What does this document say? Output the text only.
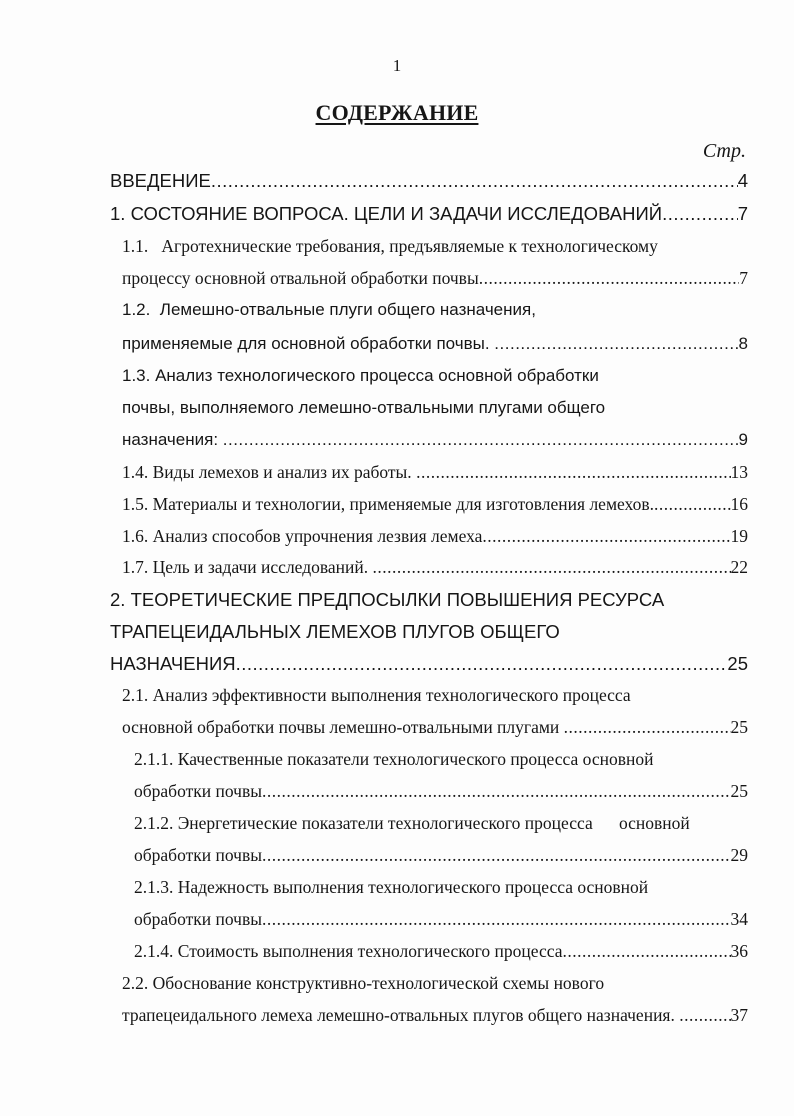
1
СОДЕРЖАНИЕ
Стр.
ВВЕДЕНИЕ .....	4
1. СОСТОЯНИЕ ВОПРОСА. ЦЕЛИ И ЗАДАЧИ ИССЛЕДОВАНИЙ .....	7
1.1.   Агротехнические требования, предъявляемые к технологическому
процессу основной отвальной обработки почвы .....	7
1.2.  Лемешно-отвальные плуги общего назначения,
применяемые для основной обработки почвы. .....	8
1.3. Анализ технологического процесса основной обработки
почвы, выполняемого лемешно-отвальными плугами общего
назначения: .....	9
1.4. Виды лемехов и анализ их работы. .....	13
1.5. Материалы и технологии, применяемые для изготовления лемехов. .....	16
1.6. Анализ способов упрочнения лезвия лемеха .....	19
1.7. Цель и задачи исследований. .....	22
2. ТЕОРЕТИЧЕСКИЕ ПРЕДПОСЫЛКИ ПОВЫШЕНИЯ РЕСУРСА
ТРАПЕЦЕИДАЛЬНЫХ ЛЕМЕХОВ ПЛУГОВ ОБЩЕГО
НАЗНАЧЕНИЯ .....	25
2.1. Анализ эффективности выполнения технологического процесса
основной обработки почвы лемешно-отвальными плугами .....	25
2.1.1. Качественные показатели технологического процесса основной
обработки почвы .....	25
2.1.2. Энергетические показатели технологического процесса      основной
обработки почвы .....	29
2.1.3. Надежность выполнения технологического процесса основной
обработки почвы .....	34
2.1.4. Стоимость выполнения технологического процесса .....	36
2.2. Обоснование конструктивно-технологической схемы нового
трапецеидального лемеха лемешно-отвальных плугов общего назначения. .....	37
